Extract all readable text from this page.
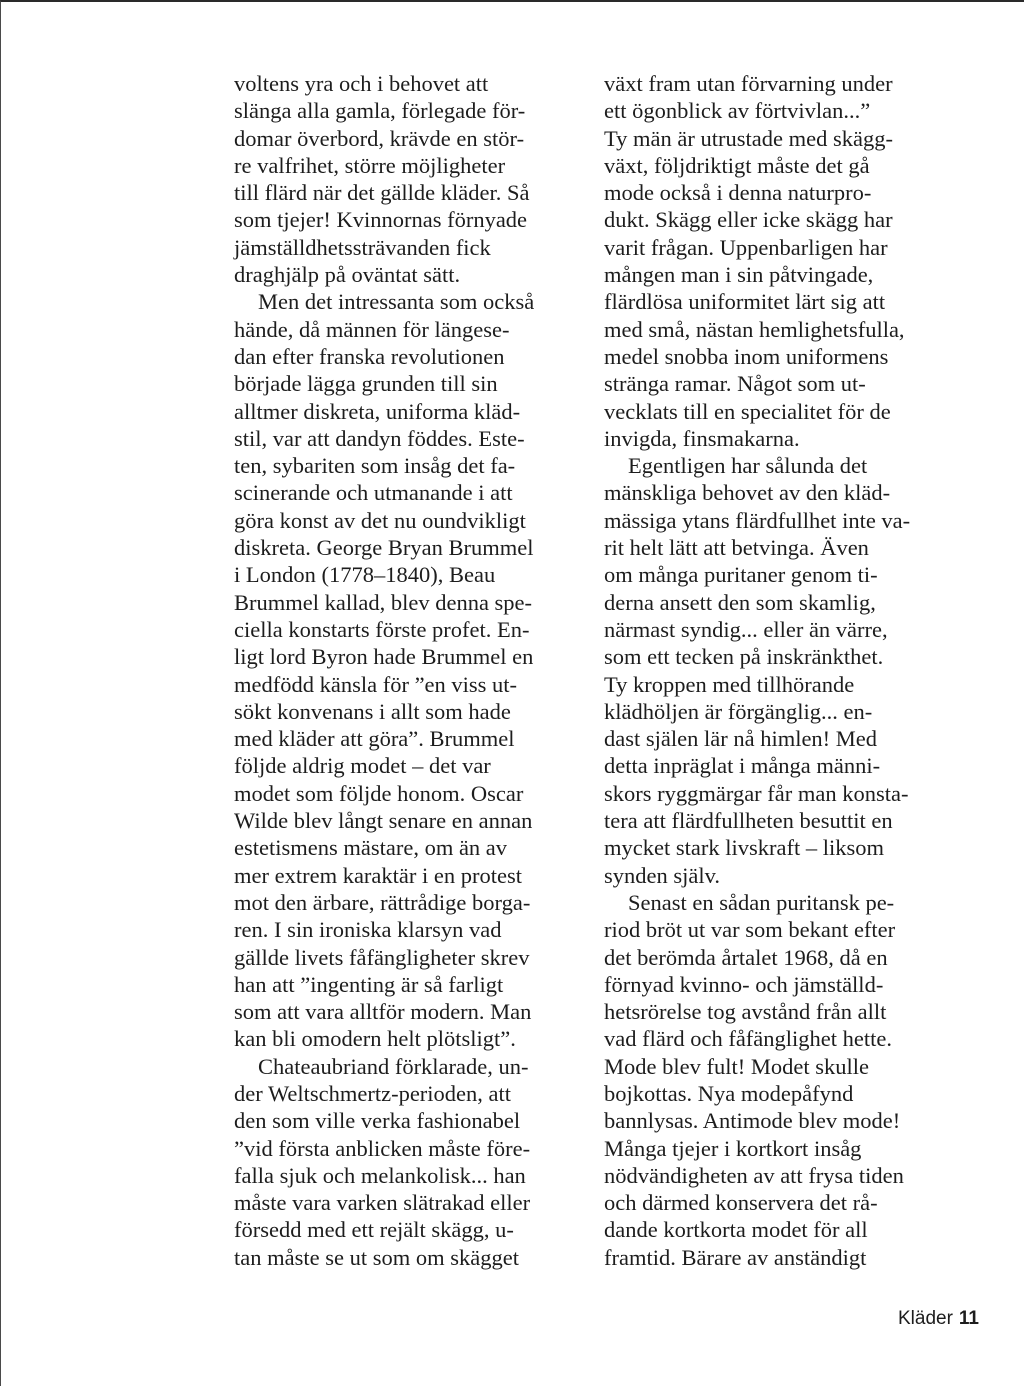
voltens yra och i behovet att
slänga alla gamla, förlegade för-
domar överbord, krävde en stör-
re valfrihet, större möjligheter
till flärd när det gällde kläder. Så
som tjejer! Kvinnornas förnyade
jämställdhetssträvanden fick
draghjälp på oväntat sätt.
Men det intressanta som också
hände, då männen för längese-
dan efter franska revolutionen
började lägga grunden till sin
alltmer diskreta, uniforma kläd-
stil, var att dandyn föddes. Este-
ten, sybariten som insåg det fa-
scinerande och utmanande i att
göra konst av det nu oundvikligt
diskreta. George Bryan Brummel
i London (1778–1840), Beau
Brummel kallad, blev denna spe-
ciella konstarts förste profet. En-
ligt lord Byron hade Brummel en
medfödd känsla för ”en viss ut-
sökt konvenans i allt som hade
med kläder att göra”. Brummel
följde aldrig modet – det var
modet som följde honom. Oscar
Wilde blev långt senare en annan
estetismens mästare, om än av
mer extrem karaktär i en protest
mot den ärbare, rättrådige borga-
ren. I sin ironiska klarsyn vad
gällde livets fåfängligheter skrev
han att ”ingenting är så farligt
som att vara alltför modern. Man
kan bli omodern helt plötsligt”.
Chateaubriand förklarade, un-
der Weltschmertz-perioden, att
den som ville verka fashionabel
”vid första anblicken måste före-
falla sjuk och melankolisk... han
måste vara varken slätrakad eller
försedd med ett rejält skägg, u-
tan måste se ut som om skägget
växt fram utan förvarning under
ett ögonblick av förtvivlan...”
Ty män är utrustade med skägg-
växt, följdriktigt måste det gå
mode också i denna naturpro-
dukt. Skägg eller icke skägg har
varit frågan. Uppenbarligen har
mången man i sin påtvingade,
flärdlösa uniformitet lärt sig att
med små, nästan hemlighetsfulla,
medel snobba inom uniformens
stränga ramar. Något som ut-
vecklats till en specialitet för de
invigda, finsmakarna.
Egentligen har sålunda det
mänskliga behovet av den kläd-
mässiga ytans flärdfullhet inte va-
rit helt lätt att betvinga. Även
om många puritaner genom ti-
derna ansett den som skamlig,
närmast syndig... eller än värre,
som ett tecken på inskränkthet.
Ty kroppen med tillhörande
klädhöljen är förgänglig... en-
dast själen lär nå himlen! Med
detta inpräglat i många männi-
skors ryggmärgar får man konsta-
tera att flärdfullheten besuttit en
mycket stark livskraft – liksom
synden själv.
Senast en sådan puritansk pe-
riod bröt ut var som bekant efter
det berömda årtalet 1968, då en
förnyad kvinno- och jämställd-
hetsrörelse tog avstånd från allt
vad flärd och fåfänglighet hette.
Mode blev fult! Modet skulle
bojkottas. Nya modepåfynd
bannlysas. Antimode blev mode!
Många tjejer i kortkort insåg
nödvändigheten av att frysa tiden
och därmed konservera det rå-
dande kortkorta modet för all
framtid. Bärare av anständigt
Kläder 11
